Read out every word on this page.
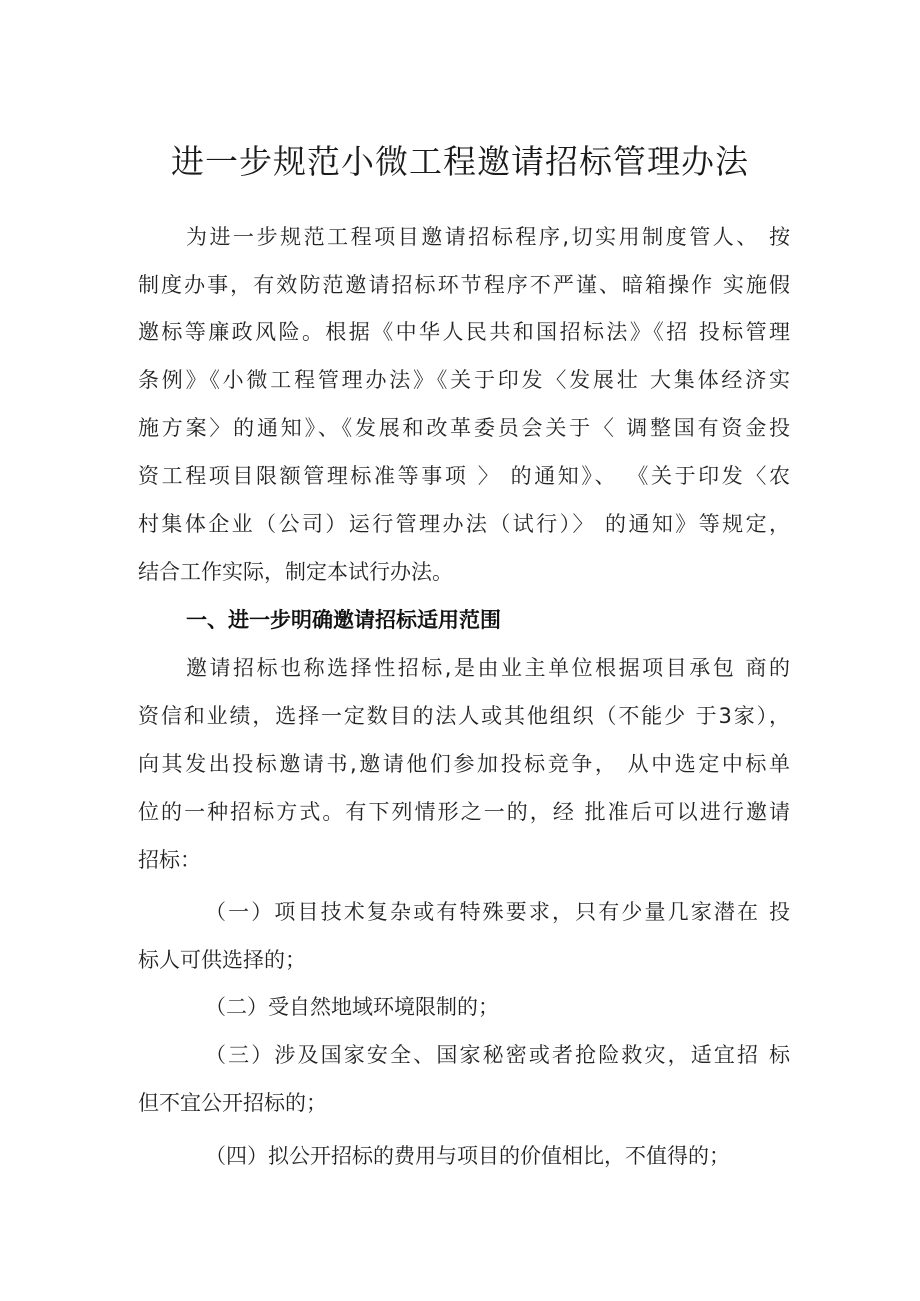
进一步规范小微工程邀请招标管理办法
为进一步规范工程项目邀请招标程序,切实用制度管人、 按
制度办事，有效防范邀请招标环节程序不严谨、暗箱操作 实施假
邀标等廉政风险。根据《中华人民共和国招标法》《招 投标管理
条例》《小微工程管理办法》《关于印发〈发展壮 大集体经济实
施方案〉的通知》、《发展和改革委员会关于〈 调整国有资金投
资工程项目限额管理标准等事项 〉 的通知》、 《关于印发〈农
村集体企业（公司）运行管理办法（试行）〉 的通知》等规定，
结合工作实际，制定本试行办法。
一、进一步明确邀请招标适用范围
邀请招标也称选择性招标,是由业主单位根据项目承包 商的
资信和业绩，选择一定数目的法人或其他组织（不能少 于3家），
向其发出投标邀请书,邀请他们参加投标竞争， 从中选定中标单
位的一种招标方式。有下列情形之一的，经 批准后可以进行邀请
招标：
（一）项目技术复杂或有特殊要求，只有少量几家潜在 投
标人可供选择的；
（二）受自然地域环境限制的；
（三）涉及国家安全、国家秘密或者抢险救灾，适宜招 标
但不宜公开招标的；
（四）拟公开招标的费用与项目的价值相比，不值得的；
